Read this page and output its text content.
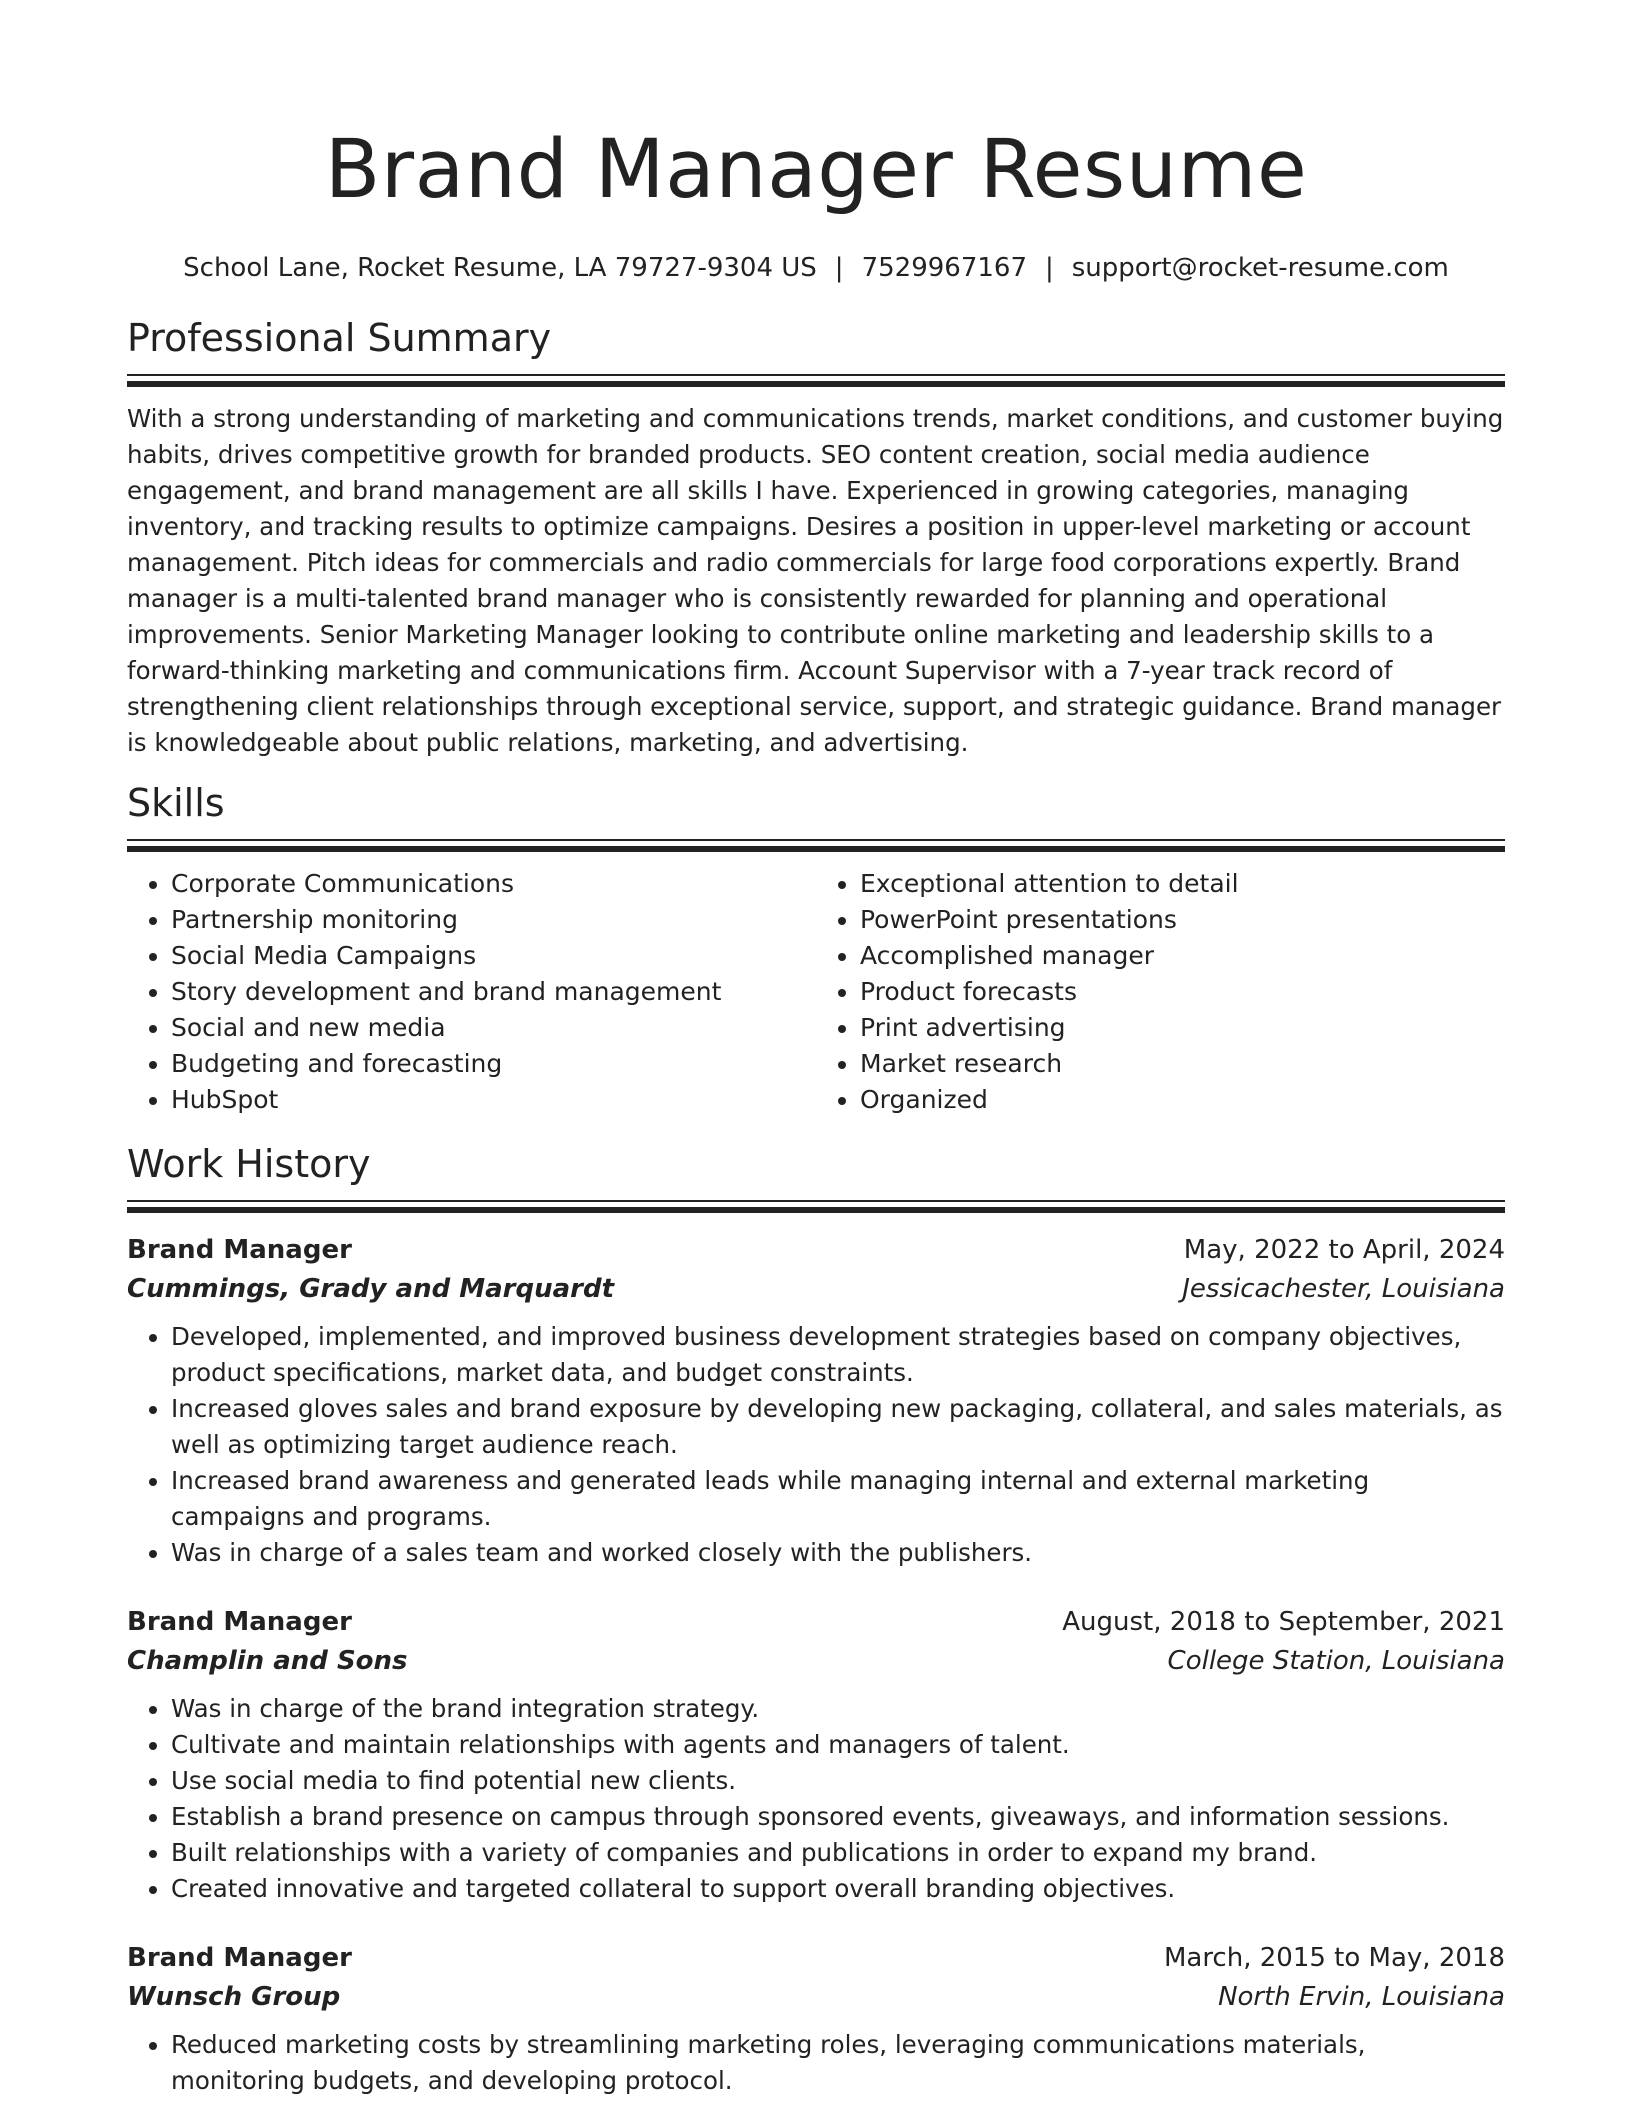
Brand Manager Resume
School Lane, Rocket Resume, LA 79727-9304 US | 7529967167 | support@rocket-resume.com
Professional Summary

With a strong understanding of marketing and communications trends, market conditions, and customer buying habits, drives competitive growth for branded products. SEO content creation, social media audience engagement, and brand management are all skills I have. Experienced in growing categories, managing inventory, and tracking results to optimize campaigns. Desires a position in upper-level marketing or account management. Pitch ideas for commercials and radio commercials for large food corporations expertly. Brand manager is a multi-talented brand manager who is consistently rewarded for planning and operational improvements. Senior Marketing Manager looking to contribute online marketing and leadership skills to a forward-thinking marketing and communications firm. Account Supervisor with a 7-year track record of strengthening client relationships through exceptional service, support, and strategic guidance. Brand manager is knowledgeable about public relations, marketing, and advertising.

Skills
• Corporate Communications
• Partnership monitoring
• Social Media Campaigns
• Story development and brand management
• Social and new media
• Budgeting and forecasting
• HubSpot
• Exceptional attention to detail
• PowerPoint presentations
• Accomplished manager
• Product forecasts
• Print advertising
• Market research
• Organized
Work History
Brand Manager	May, 2022 to April, 2024
Cummings, Grady and Marquardt	Jessicachester, Louisiana
• Developed, implemented, and improved business development strategies based on company objectives, product specifications, market data, and budget constraints.
• Increased gloves sales and brand exposure by developing new packaging, collateral, and sales materials, as well as optimizing target audience reach.
• Increased brand awareness and generated leads while managing internal and external marketing campaigns and programs.
• Was in charge of a sales team and worked closely with the publishers.
Brand Manager	August, 2018 to September, 2021
Champlin and Sons	College Station, Louisiana
• Was in charge of the brand integration strategy.
• Cultivate and maintain relationships with agents and managers of talent.
• Use social media to find potential new clients.
• Establish a brand presence on campus through sponsored events, giveaways, and information sessions.
• Built relationships with a variety of companies and publications in order to expand my brand.
• Created innovative and targeted collateral to support overall branding objectives.
Brand Manager	March, 2015 to May, 2018
Wunsch Group	North Ervin, Louisiana
• Reduced marketing costs by streamlining marketing roles, leveraging communications materials, monitoring budgets, and developing protocol.
